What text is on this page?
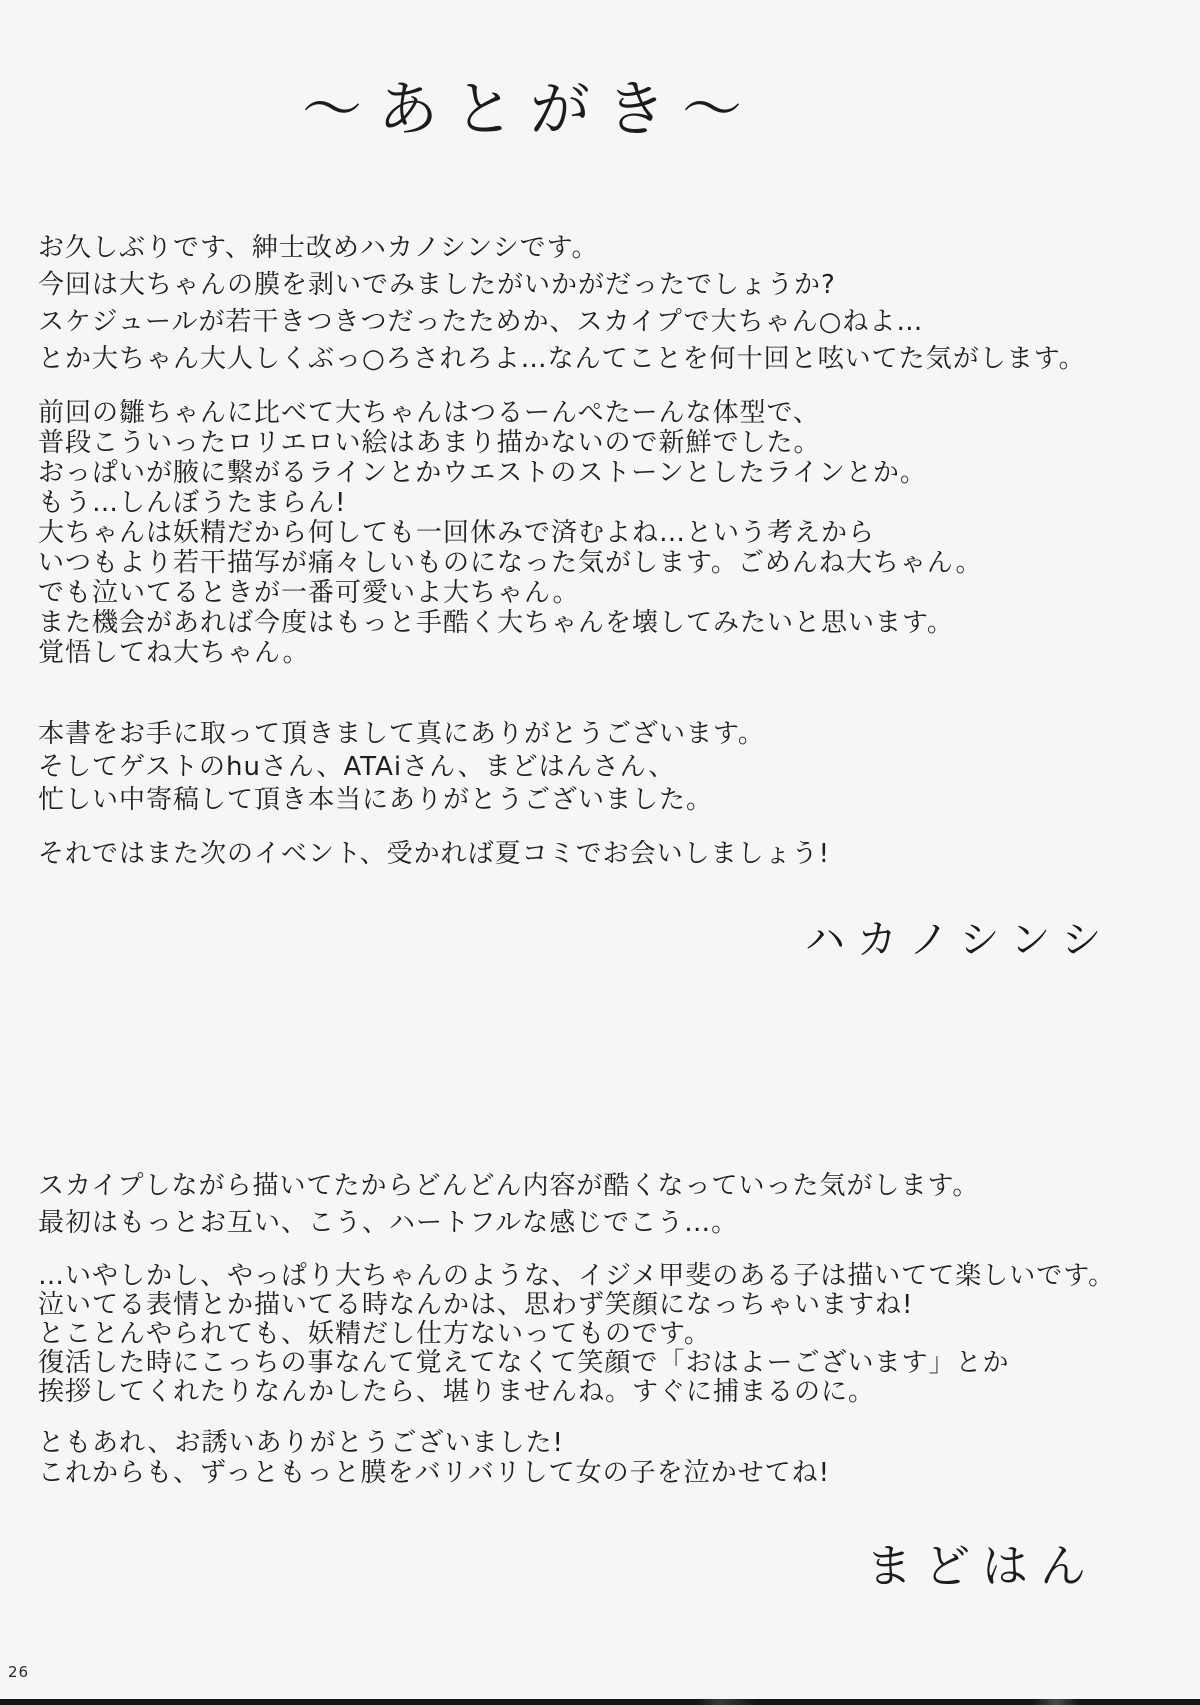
〜あとがき〜

お久しぶりです、紳士改めハカノシンシです。

今回は大ちゃんの膜を剥いでみましたがいかがだったでしょうか?

スケジュールが若干きつきつだったためか、スカイプで大ちゃん○ねよ…

とか大ちゃん大人しくぶっ○ろされろよ…なんてことを何十回と呟いてた気がします。

前回の雛ちゃんに比べて大ちゃんはつるーんぺたーんな体型で、

普段こういったロリエロい絵はあまり描かないので新鮮でした。

おっぱいが腋に繋がるラインとかウエストのストーンとしたラインとか。

もう…しんぼうたまらん!

大ちゃんは妖精だから何しても一回休みで済むよね…という考えから

いつもより若干描写が痛々しいものになった気がします。ごめんね大ちゃん。

でも泣いてるときが一番可愛いよ大ちゃん。

また機会があれば今度はもっと手酷く大ちゃんを壊してみたいと思います。

覚悟してね大ちゃん。

本書をお手に取って頂きまして真にありがとうございます。

そしてゲストのhuさん、ATAiさん、まどはんさん、

忙しい中寄稿して頂き本当にありがとうございました。

それではまた次のイベント、受かれば夏コミでお会いしましょう!

ハカノシンシ

スカイプしながら描いてたからどんどん内容が酷くなっていった気がします。

最初はもっとお互い、こう、ハートフルな感じでこう…。

…いやしかし、やっぱり大ちゃんのような、イジメ甲斐のある子は描いてて楽しいです。

泣いてる表情とか描いてる時なんかは、思わず笑顔になっちゃいますね!

とことんやられても、妖精だし仕方ないってものです。

復活した時にこっちの事なんて覚えてなくて笑顔で「おはよーございます」とか

挨拶してくれたりなんかしたら、堪りませんね。すぐに捕まるのに。

ともあれ、お誘いありがとうございました!

これからも、ずっともっと膜をバリバリして女の子を泣かせてね!

まどはん

26
